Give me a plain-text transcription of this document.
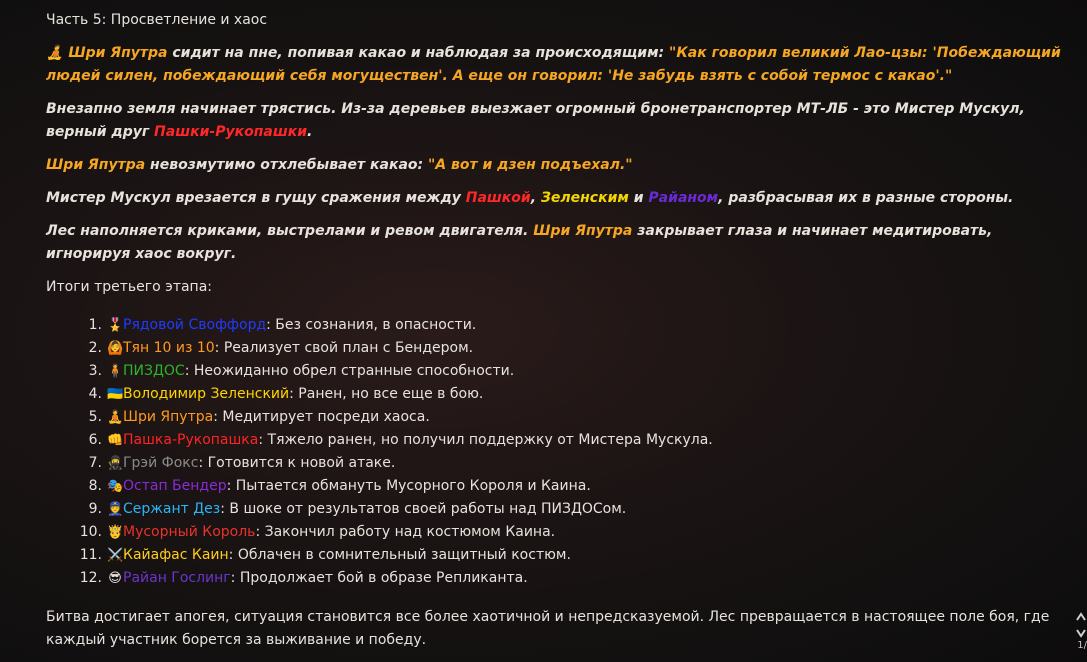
Часть 5: Просветление и хаос

🧘 Шри Япутра сидит на пне, попивая какао и наблюдая за происходящим: "Как говорил великий Лао-цзы: 'Побеждающий людей силен, побеждающий себя могуществен'. А еще он говорил: 'Не забудь взять с собой термос с какао'."

Внезапно земля начинает трястись. Из-за деревьев выезжает огромный бронетранспортер МТ-ЛБ - это Мистер Мускул, верный друг Пашки-Рукопашки.

Шри Япутра невозмутимо отхлебывает какао: "А вот и дзен подъехал."

Мистер Мускул врезается в гущу сражения между Пашкой, Зеленским и Райаном, разбрасывая их в разные стороны.

Лес наполняется криками, выстрелами и ревом двигателя. Шри Япутра закрывает глаза и начинает медитировать, игнорируя хаос вокруг.

Итоги третьего этапа:

1. 🎖️Рядовой Своффорд: Без сознания, в опасности.
2. 🙆Тян 10 из 10: Реализует свой план с Бендером.
3. 🧍ПИЗДОС: Неожиданно обрел странные способности.
4. 🇺🇦Володимир Зеленский: Ранен, но все еще в бою.
5. 🧘Шри Япутра: Медитирует посреди хаоса.
6. 👊Пашка-Рукопашка: Тяжело ранен, но получил поддержку от Мистера Мускула.
7. 🥷Грэй Фокс: Готовится к новой атаке.
8. 🎭Остап Бендер: Пытается обмануть Мусорного Короля и Каина.
9. 👮Сержант Дез: В шоке от результатов своей работы над ПИЗДОСом.
10. 🤴Мусорный Король: Закончил работу над костюмом Каина.
11. ⚔️Кайафас Каин: Облачен в сомнительный защитный костюм.
12. 😎Райан Гослинг: Продолжает бой в образе Репликанта.

Битва достигает апогея, ситуация становится все более хаотичной и непредсказуемой. Лес превращается в настоящее поле боя, где каждый участник борется за выживание и победу.	1/
